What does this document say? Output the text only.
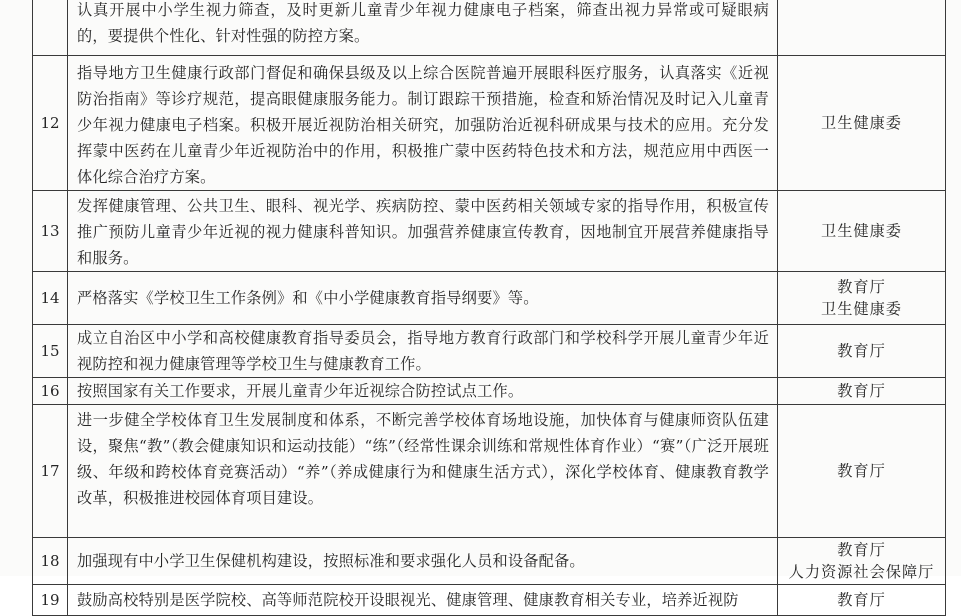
	认真开展中小学生视力筛查，及时更新儿童青少年视力健康电子档案，筛查出视力异常或可疑眼病的，要提供个性化、针对性强的防控方案。	
12	指导地方卫生健康行政部门督促和确保县级及以上综合医院普遍开展眼科医疗服务，认真落实《近视防治指南》等诊疗规范，提高眼健康服务能力。制订跟踪干预措施，检查和矫治情况及时记入儿童青少年视力健康电子档案。积极开展近视防治相关研究，加强防治近视科研成果与技术的应用。充分发挥蒙中医药在儿童青少年近视防治中的作用，积极推广蒙中医药特色技术和方法，规范应用中西医一体化综合治疗方案。	卫生健康委

13	发挥健康管理、公共卫生、眼科、视光学、疾病防控、蒙中医药相关领域专家的指导作用，积极宣传推广预防儿童青少年近视的视力健康科普知识。加强营养健康宣传教育，因地制宜开展营养健康指导和服务。	卫生健康委

14	严格落实《学校卫生工作条例》和《中小学健康教育指导纲要》等。	教育厅
卫生健康委

15	成立自治区中小学和高校健康教育指导委员会，指导地方教育行政部门和学校科学开展儿童青少年近视防控和视力健康管理等学校卫生与健康教育工作。	教育厅

16	按照国家有关工作要求，开展儿童青少年近视综合防控试点工作。	教育厅

17	进一步健全学校体育卫生发展制度和体系，不断完善学校体育场地设施，加快体育与健康师资队伍建设，聚焦“教”（教会健康知识和运动技能）“练”（经常性课余训练和常规性体育作业）“赛”（广泛开展班级、年级和跨校体育竞赛活动）“养”（养成健康行为和健康生活方式），深化学校体育、健康教育教学改革，积极推进校园体育项目建设。	教育厅

18	加强现有中小学卫生保健机构建设，按照标准和要求强化人员和设备配备。	教育厅
人力资源社会保障厅

19	鼓励高校特别是医学院校、高等师范院校开设眼视光、健康管理、健康教育相关专业，培养近视防	教育厅
